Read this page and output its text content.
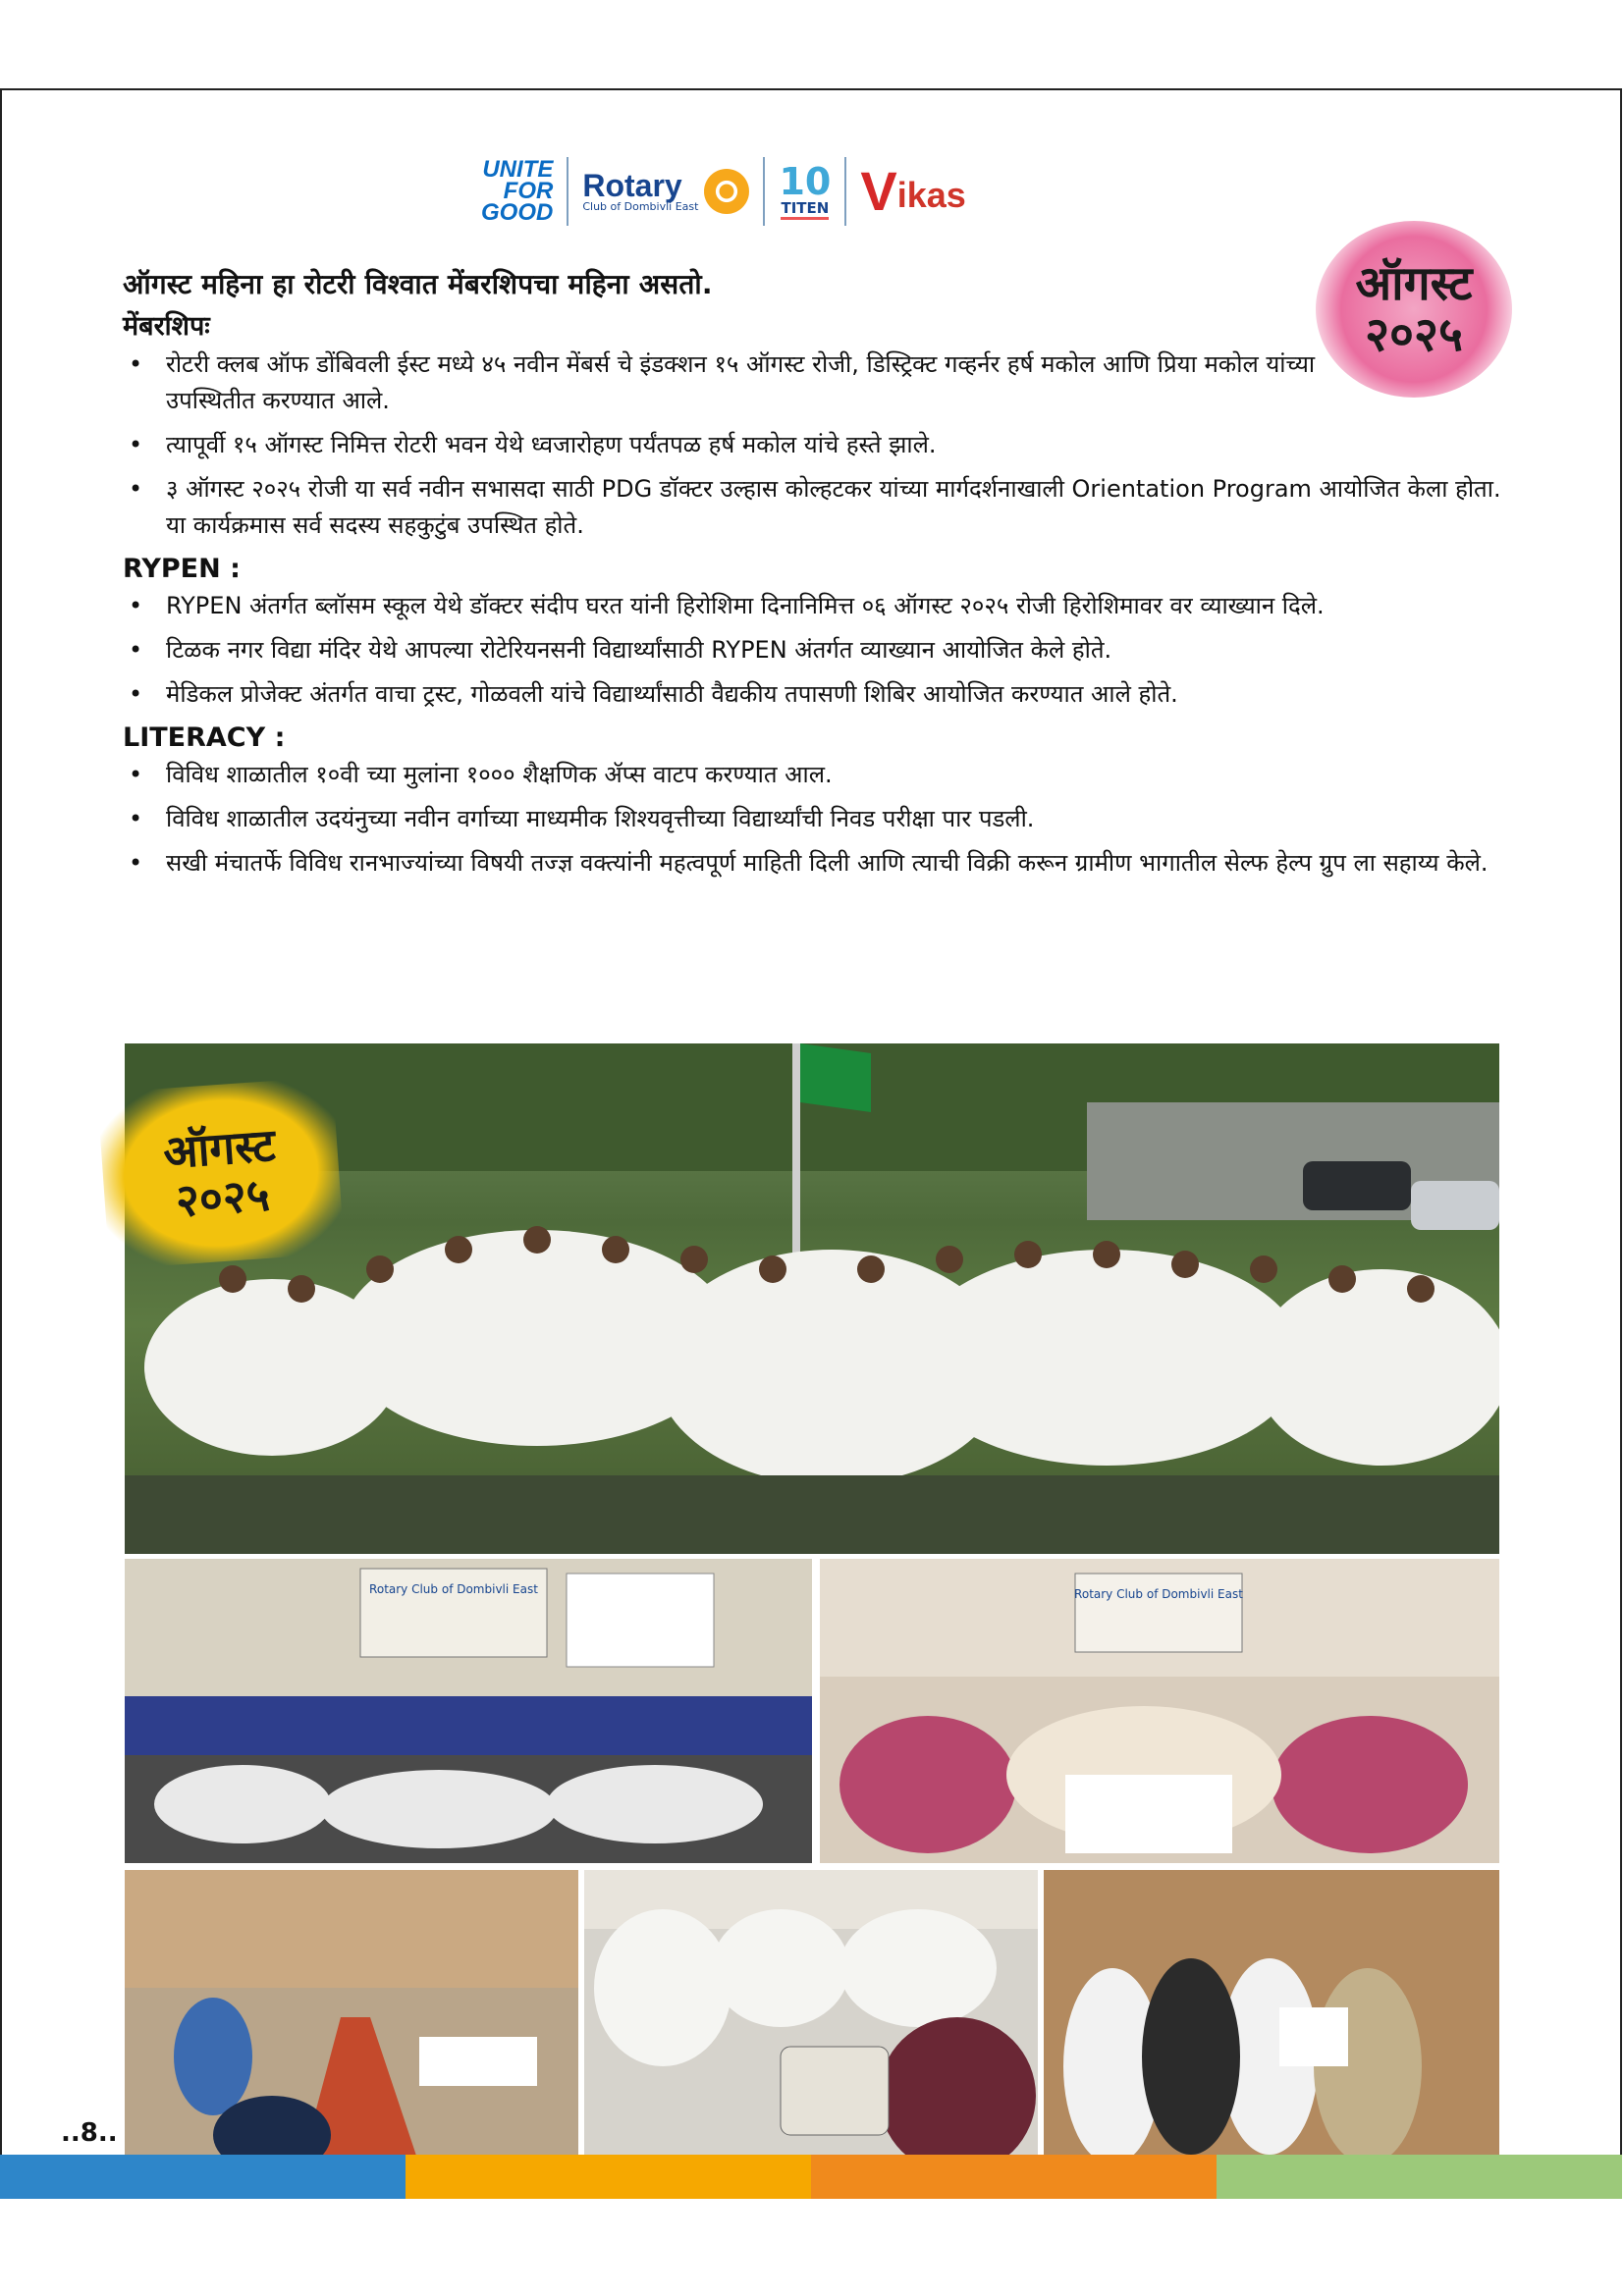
UNITE
FOR
GOOD
Rotary
Club of Dombivli East
10
TITEN V ikas
ऑगस्ट
२०२५
ऑगस्ट महिना हा रोटरी विश्वात मेंबरशिपचा महिना असतो.
मेंबरशिपः
• रोटरी क्लब ऑफ डोंबिवली ईस्ट मध्ये ४५ नवीन मेंबर्स चे इंडक्शन १५ ऑगस्ट रोजी, डिस्ट्रिक्ट गव्हर्नर हर्ष मकोल आणि प्रिया मकोल यांच्या उपस्थितीत करण्यात आले.
• त्यापूर्वी १५ ऑगस्ट निमित्त रोटरी भवन येथे ध्वजारोहण पर्यंतपळ हर्ष मकोल यांचे हस्ते झाले.
• ३ ऑगस्ट २०२५ रोजी या सर्व नवीन सभासदा साठी PDG डॉक्टर उल्हास कोल्हटकर यांच्या मार्गदर्शनाखाली Orientation Program आयोजित केला होता. या कार्यक्रमास सर्व सदस्य सहकुटुंब उपस्थित होते.
RYPEN :
• RYPEN अंतर्गत ब्लॉसम स्कूल येथे डॉक्टर संदीप घरत यांनी हिरोशिमा दिनानिमित्त ०६ ऑगस्ट २०२५ रोजी हिरोशिमावर वर व्याख्यान दिले.
• टिळक नगर विद्या मंदिर येथे आपल्या रोटेरियनसनी विद्यार्थ्यांसाठी RYPEN अंतर्गत व्याख्यान आयोजित केले होते.
• मेडिकल प्रोजेक्ट अंतर्गत वाचा ट्रस्ट, गोळवली यांचे विद्यार्थ्यांसाठी वैद्यकीय तपासणी शिबिर आयोजित करण्यात आले होते.
LITERACY :
• विविध शाळातील १०वी च्या मुलांना १००० शैक्षणिक ॲप्स वाटप करण्यात आल.
• विविध शाळातील उदयंनुच्या नवीन वर्गाच्या माध्यमीक शिश्यवृत्तीच्या विद्यार्थ्यांची निवड परीक्षा पार पडली.
• सखी मंचातर्फे विविध रानभाज्यांच्या विषयी तज्ज्ञ वक्त्यांनी महत्वपूर्ण माहिती दिली आणि त्याची विक्री करून ग्रामीण भागातील सेल्फ हेल्प ग्रुप ला सहाय्य केले.
ऑगस्ट
२०२५
Rotary Club of Dombivli East	Rotary Club of Dombivli East
..8..
